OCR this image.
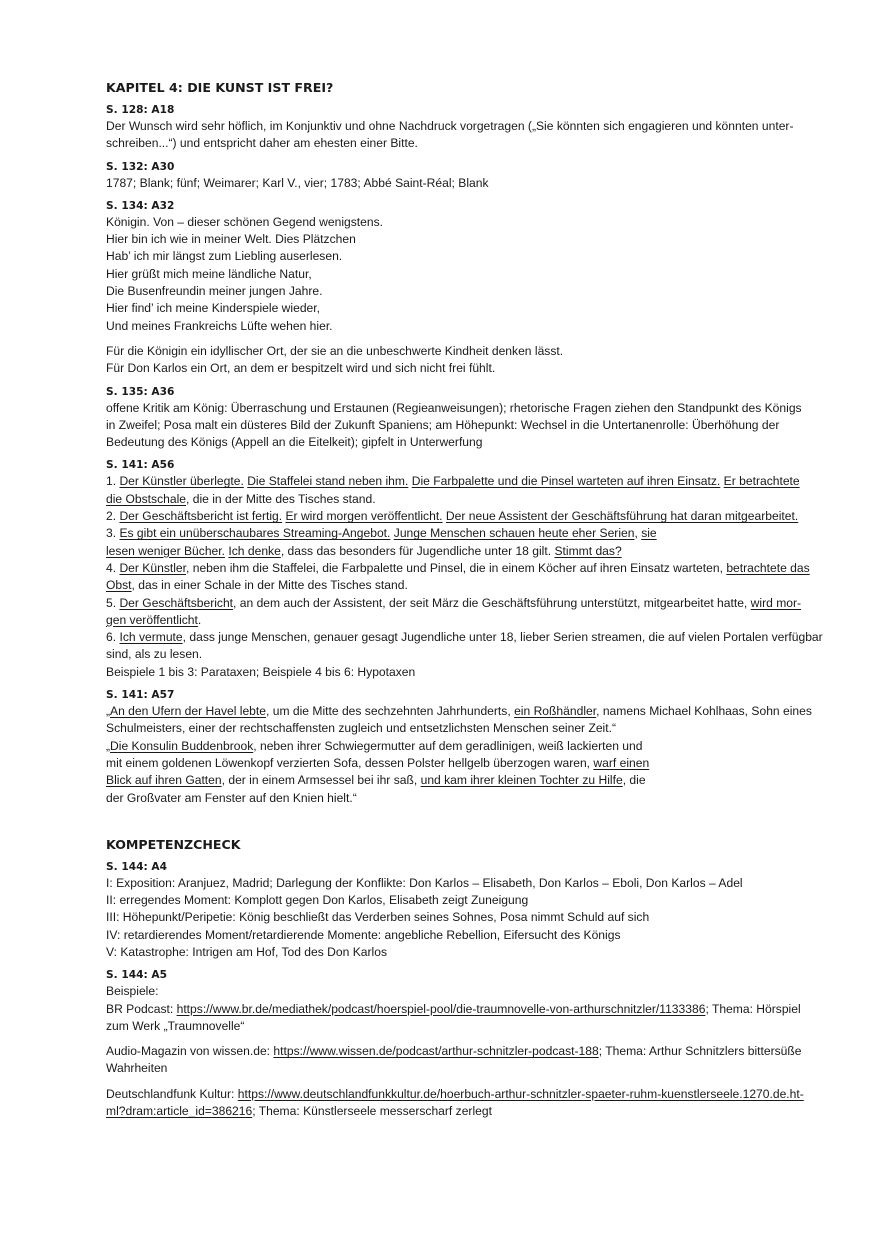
KAPITEL 4: DIE KUNST IST FREI?
S. 128: A18
Der Wunsch wird sehr höflich, im Konjunktiv und ohne Nachdruck vorgetragen („Sie könnten sich engagieren und könnten unter-
schreiben...“) und entspricht daher am ehesten einer Bitte.
S. 132: A30
1787; Blank; fünf; Weimarer; Karl V., vier; 1783; Abbé Saint-Réal; Blank
S. 134: A32
Königin. Von – dieser schönen Gegend wenigstens.
Hier bin ich wie in meiner Welt. Dies Plätzchen
Hab’ ich mir längst zum Liebling auserlesen.
Hier grüßt mich meine ländliche Natur,
Die Busenfreundin meiner jungen Jahre.
Hier find’ ich meine Kinderspiele wieder,
Und meines Frankreichs Lüfte wehen hier.
Für die Königin ein idyllischer Ort, der sie an die unbeschwerte Kindheit denken lässt.
Für Don Karlos ein Ort, an dem er bespitzelt wird und sich nicht frei fühlt.
S. 135: A36
offene Kritik am König: Überraschung und Erstaunen (Regieanweisungen); rhetorische Fragen ziehen den Standpunkt des Königs
in Zweifel; Posa malt ein düsteres Bild der Zukunft Spaniens; am Höhepunkt: Wechsel in die Untertanenrolle: Überhöhung der
Bedeutung des Königs (Appell an die Eitelkeit); gipfelt in Unterwerfung
S. 141: A56
1. Der Künstler überlegte. Die Staffelei stand neben ihm. Die Farbpalette und die Pinsel warteten auf ihren Einsatz. Er betrachtete
die Obstschale, die in der Mitte des Tisches stand.
2. Der Geschäftsbericht ist fertig. Er wird morgen veröffentlicht. Der neue Assistent der Geschäftsführung hat daran mitgearbeitet.
3. Es gibt ein unüberschaubares Streaming-Angebot. Junge Menschen schauen heute eher Serien, sie
lesen weniger Bücher. Ich denke, dass das besonders für Jugendliche unter 18 gilt. Stimmt das?
4. Der Künstler, neben ihm die Staffelei, die Farbpalette und Pinsel, die in einem Köcher auf ihren Einsatz warteten, betrachtete das
Obst, das in einer Schale in der Mitte des Tisches stand.
5. Der Geschäftsbericht, an dem auch der Assistent, der seit März die Geschäftsführung unterstützt, mitgearbeitet hatte, wird mor-
gen veröffentlicht.
6. Ich vermute, dass junge Menschen, genauer gesagt Jugendliche unter 18, lieber Serien streamen, die auf vielen Portalen verfügbar
sind, als zu lesen.
Beispiele 1 bis 3: Parataxen; Beispiele 4 bis 6: Hypotaxen
S. 141: A57
„An den Ufern der Havel lebte, um die Mitte des sechzehnten Jahrhunderts, ein Roßhändler, namens Michael Kohlhaas, Sohn eines
Schulmeisters, einer der rechtschaffensten zugleich und entsetzlichsten Menschen seiner Zeit.“
„Die Konsulin Buddenbrook, neben ihrer Schwiegermutter auf dem geradlinigen, weiß lackierten und
mit einem goldenen Löwenkopf verzierten Sofa, dessen Polster hellgelb überzogen waren, warf einen
Blick auf ihren Gatten, der in einem Armsessel bei ihr saß, und kam ihrer kleinen Tochter zu Hilfe, die
der Großvater am Fenster auf den Knien hielt.“
KOMPETENZCHECK
S. 144: A4
I: Exposition: Aranjuez, Madrid; Darlegung der Konflikte: Don Karlos – Elisabeth, Don Karlos – Eboli, Don Karlos – Adel
II: erregendes Moment: Komplott gegen Don Karlos, Elisabeth zeigt Zuneigung
III: Höhepunkt/Peripetie: König beschließt das Verderben seines Sohnes, Posa nimmt Schuld auf sich
IV: retardierendes Moment/retardierende Momente: angebliche Rebellion, Eifersucht des Königs
V: Katastrophe: Intrigen am Hof, Tod des Don Karlos
S. 144: A5
Beispiele:
BR Podcast: https://www.br.de/mediathek/podcast/hoerspiel-pool/die-traumnovelle-von-arthurschnitzler/1133386; Thema: Hörspiel
zum Werk „Traumnovelle“
Audio-Magazin von wissen.de: https://www.wissen.de/podcast/arthur-schnitzler-podcast-188; Thema: Arthur Schnitzlers bittersüße
Wahrheiten
Deutschlandfunk Kultur: https://www.deutschlandfunkkultur.de/hoerbuch-arthur-schnitzler-spaeter-ruhm-kuenstlerseele.1270.de.ht-
ml?dram:article_id=386216; Thema: Künstlerseele messerscharf zerlegt
